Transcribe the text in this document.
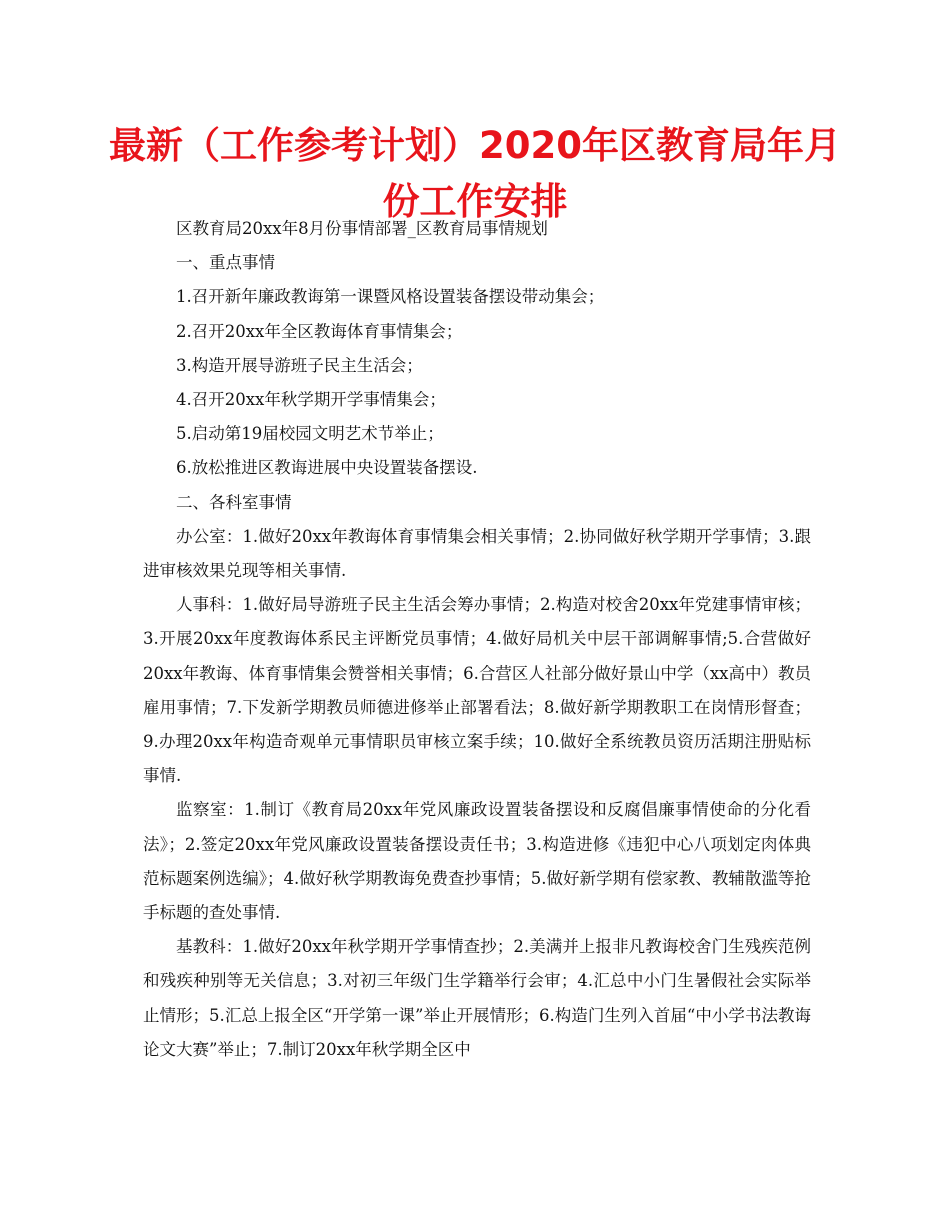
最新（工作参考计划）2020年区教育局年月份工作安排

区教育局20xx年8月份事情部署_区教育局事情规划

一、重点事情

1.召开新年廉政教诲第一课暨风格设置装备摆设带动集会；

2.召开20xx年全区教诲体育事情集会；

3.构造开展导游班子民主生活会；

4.召开20xx年秋学期开学事情集会；

5.启动第19届校园文明艺术节举止；

6.放松推进区教诲进展中央设置装备摆设.

二、各科室事情

办公室：1.做好20xx年教诲体育事情集会相关事情；2.协同做好秋学期开学事情；3.跟进审核效果兑现等相关事情.

人事科：1.做好局导游班子民主生活会筹办事情；2.构造对校舍20xx年党建事情审核；3.开展20xx年度教诲体系民主评断党员事情；4.做好局机关中层干部调解事情;5.合营做好20xx年教诲、体育事情集会赞誉相关事情；6.合营区人社部分做好景山中学（xx高中）教员雇用事情；7.下发新学期教员师德进修举止部署看法；8.做好新学期教职工在岗情形督查；9.办理20xx年构造奇观单元事情职员审核立案手续；10.做好全系统教员资历活期注册贴标事情.

监察室：1.制订《教育局20xx年党风廉政设置装备摆设和反腐倡廉事情使命的分化看法》；2.签定20xx年党风廉政设置装备摆设责任书；3.构造进修《违犯中心八项划定肉体典范标题案例选编》；4.做好秋学期教诲免费查抄事情；5.做好新学期有偿家教、教辅散滥等抢手标题的查处事情.

基教科：1.做好20xx年秋学期开学事情查抄；2.美满并上报非凡教诲校舍门生残疾范例和残疾种别等无关信息；3.对初三年级门生学籍举行会审；4.汇总中小门生暑假社会实际举止情形；5.汇总上报全区“开学第一课”举止开展情形；6.构造门生列入首届“中小学书法教诲论文大赛”举止；7.制订20xx年秋学期全区中
